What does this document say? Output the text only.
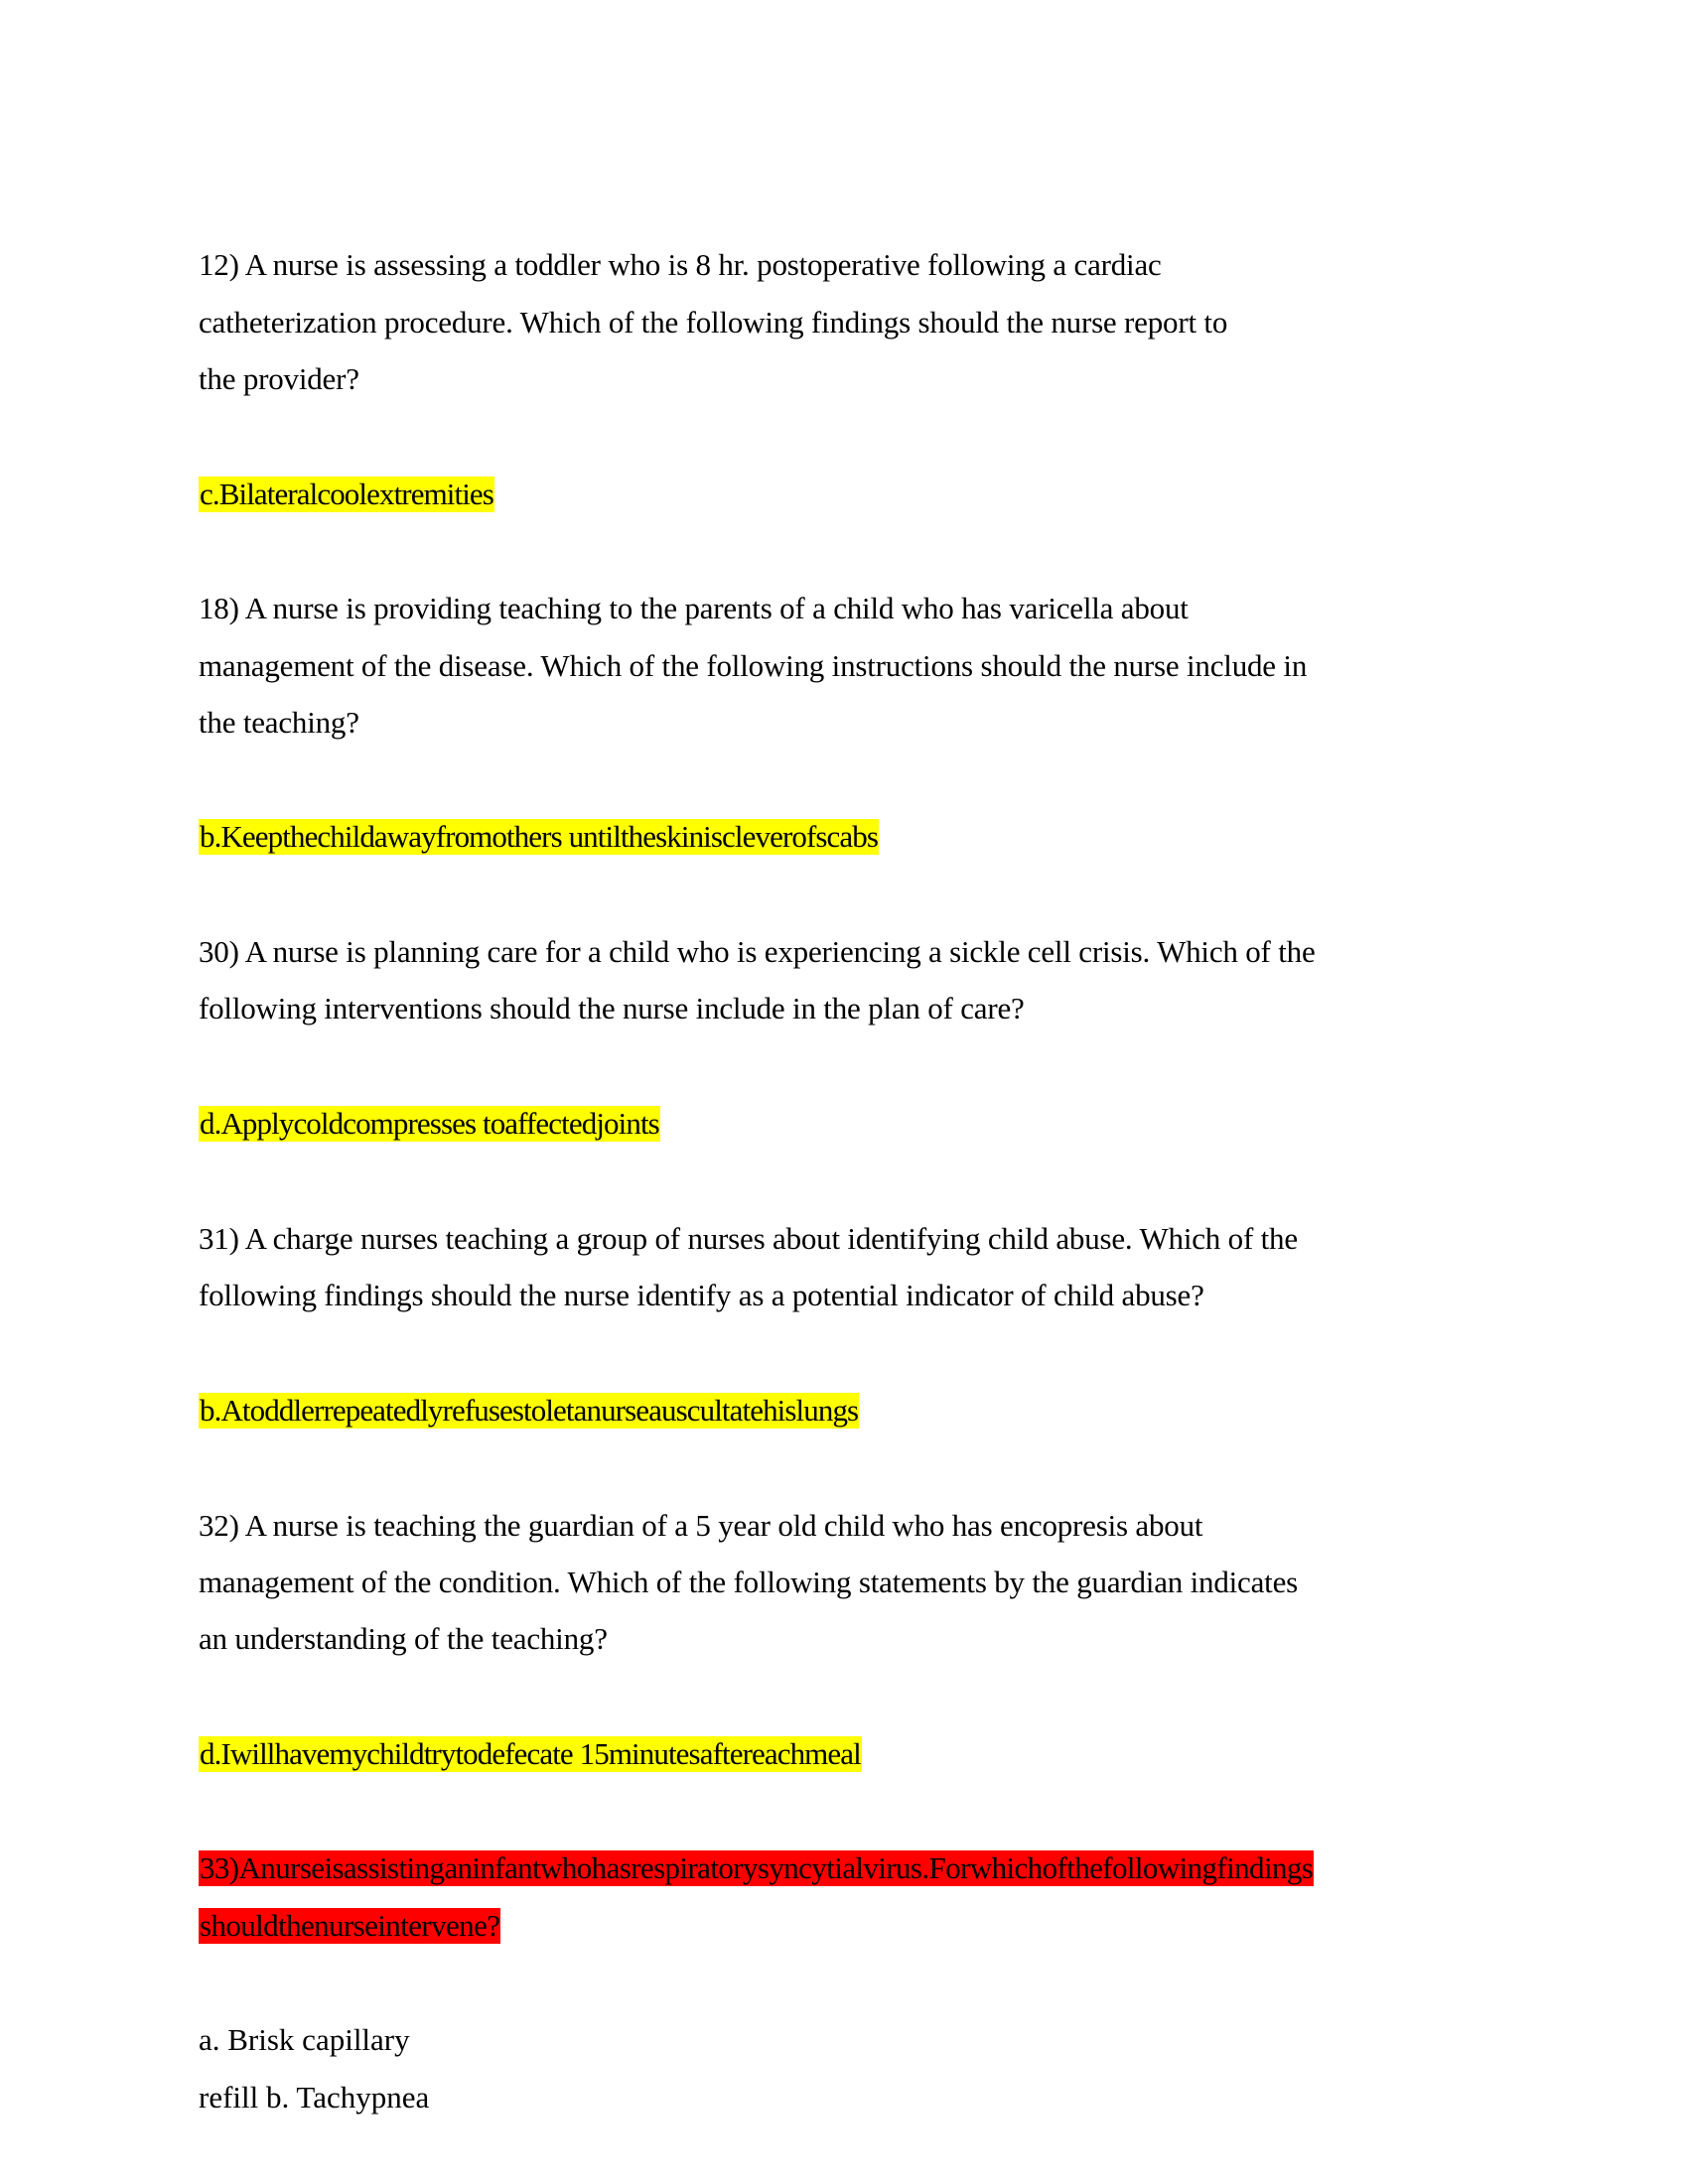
12) A nurse is assessing a toddler who is 8 hr. postoperative following a cardiac
catheterization procedure. Which of the following findings should the nurse report to
the provider?
c.Bilateralcoolextremities
18) A nurse is providing teaching to the parents of a child who has varicella about
management of the disease. Which of the following instructions should the nurse include in
the teaching?
b.Keepthechildawayfromothers untiltheskiniscleverofscabs
30) A nurse is planning care for a child who is experiencing a sickle cell crisis. Which of the
following interventions should the nurse include in the plan of care?
d.Applycoldcompresses toaffectedjoints
31) A charge nurses teaching a group of nurses about identifying child abuse. Which of the
following findings should the nurse identify as a potential indicator of child abuse?
b.Atoddlerrepeatedlyrefusestoletanurseauscultatehislungs
32) A nurse is teaching the guardian of a 5 year old child who has encopresis about
management of the condition. Which of the following statements by the guardian indicates
an understanding of the teaching?
d.Iwillhavemychildtrytodefecate 15minutesaftereachmeal
33)Anurseisassistinganinfantwhohasrespiratorysyncytialvirus.Forwhichofthefollowingfindings
shouldthenurseintervene?
a. Brisk capillary
refill b. Tachypnea
